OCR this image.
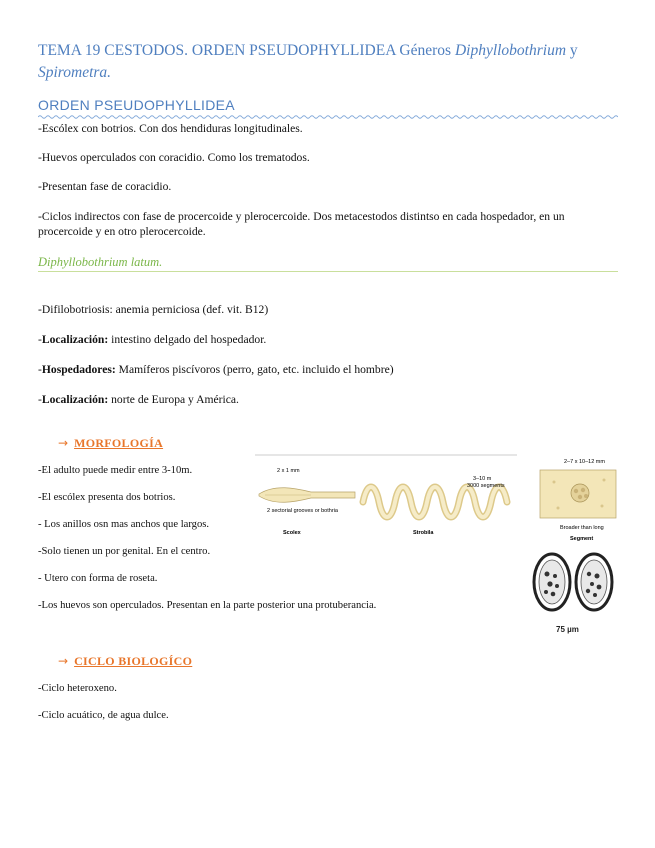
TEMA 19 CESTODOS. ORDEN PSEUDOPHYLLIDEA Géneros Diphyllobothrium y Spirometra.
ORDEN PSEUDOPHYLLIDEA
-Escólex con botrios. Con dos hendiduras longitudinales.
-Huevos operculados con coracidio. Como los trematodos.
-Presentan fase de coracidio.
-Ciclos indirectos con fase de procercoide y plerocercoide. Dos metacestodos distintso en cada hospedador, en un procercoide y en otro plerocercoide.
Diphyllobothrium latum.
-Difilobotriosis: anemia perniciosa (def. vit. B12)
-Localización: intestino delgado del hospedador.
-Hospedadores: Mamíferos piscívoros (perro, gato, etc. incluido el hombre)
-Localización: norte de Europa y América.
→ MORFOLOGÍA
-El adulto puede medir entre 3-10m.
-El escólex presenta dos botrios.
- Los anillos osn mas anchos que largos.
-Solo tienen un por genital. En el centro.
- Utero con forma de roseta.
-Los huevos son operculados. Presentan en la parte posterior una protuberancia.
2 x 1 mm
2 sectorial grooves or bothria
Scolex
3–10 m
3000 segments
Strobila
2–7 x 10–12 mm
Broader than long
Segment
75 µm
→ CICLO BIOLOGÍCO
-Ciclo heteroxeno.
-Ciclo acuático, de agua dulce.
